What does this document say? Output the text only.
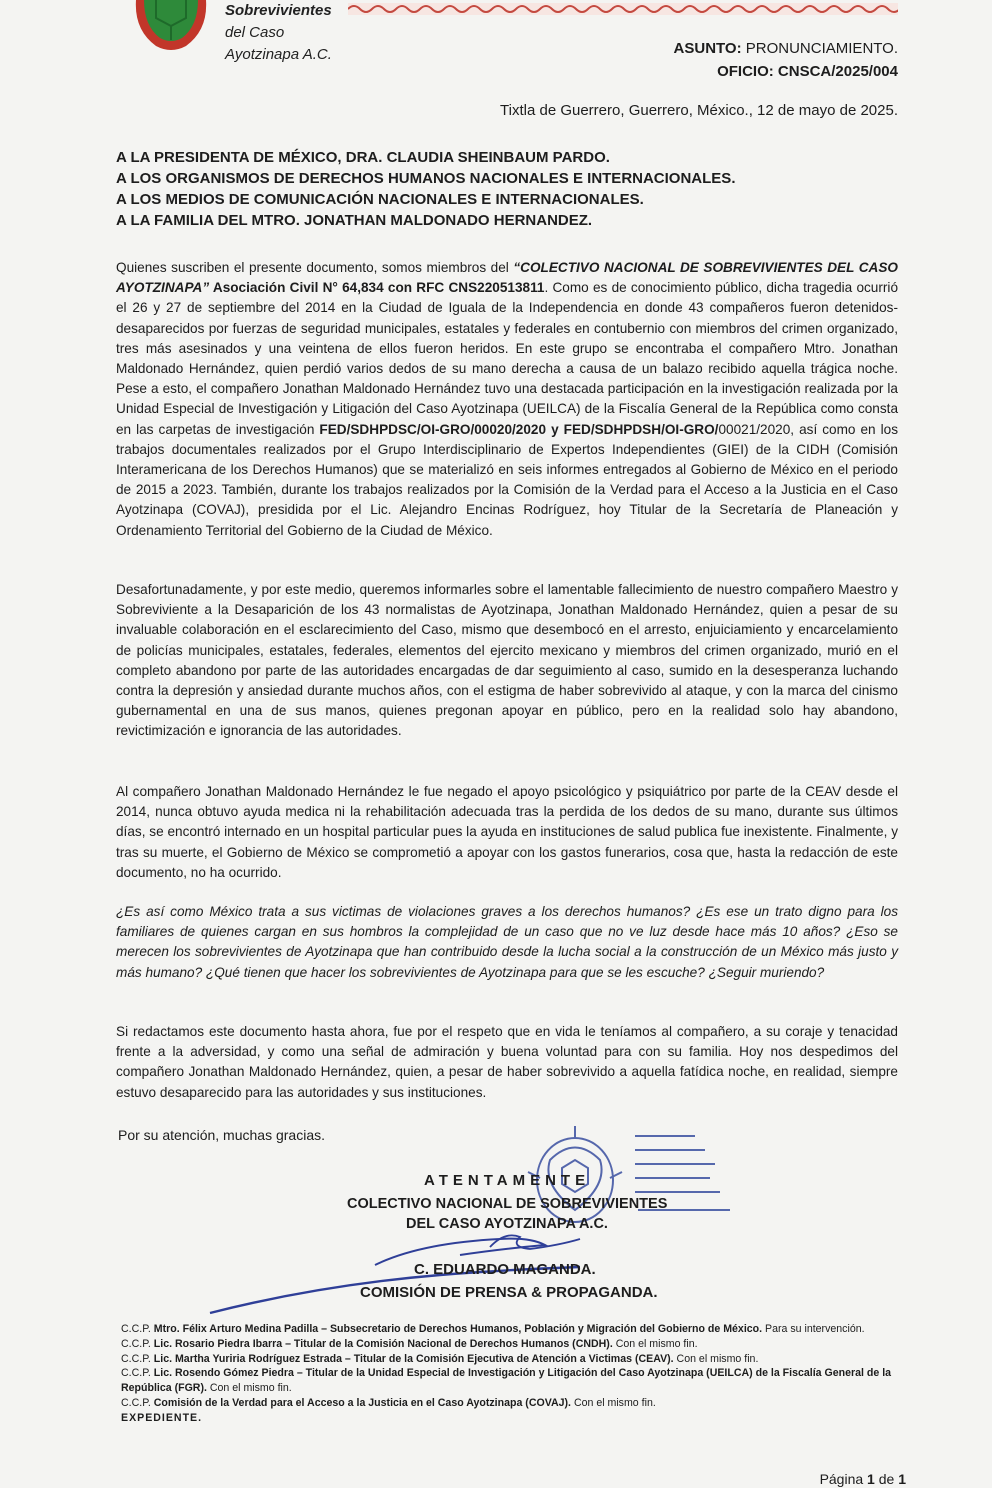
Sobrevivientes
del Caso
Ayotzinapa A.C.	ASUNTO: PRONUNCIAMIENTO.
OFICIO: CNSCA/2025/004
Tixtla de Guerrero, Guerrero, México., 12 de mayo de 2025.
A LA PRESIDENTA DE MÉXICO, DRA. CLAUDIA SHEINBAUM PARDO.
A LOS ORGANISMOS DE DERECHOS HUMANOS NACIONALES E INTERNACIONALES.
A LOS MEDIOS DE COMUNICACIÓN NACIONALES E INTERNACIONALES.
A LA FAMILIA DEL MTRO. JONATHAN MALDONADO HERNANDEZ.

Quienes suscriben el presente documento, somos miembros del “COLECTIVO NACIONAL DE SOBREVIVIENTES DEL CASO AYOTZINAPA” Asociación Civil N° 64,834 con RFC CNS220513811. Como es de conocimiento público, dicha tragedia ocurrió el 26 y 27 de septiembre del 2014 en la Ciudad de Iguala de la Independencia en donde 43 compañeros fueron detenidos-desaparecidos por fuerzas de seguridad municipales, estatales y federales en contubernio con miembros del crimen organizado, tres más asesinados y una veintena de ellos fueron heridos. En este grupo se encontraba el compañero Mtro. Jonathan Maldonado Hernández, quien perdió varios dedos de su mano derecha a causa de un balazo recibido aquella trágica noche. Pese a esto, el compañero Jonathan Maldonado Hernández tuvo una destacada participación en la investigación realizada por la Unidad Especial de Investigación y Litigación del Caso Ayotzinapa (UEILCA) de la Fiscalía General de la República como consta en las carpetas de investigación FED/SDHPDSC/OI-GRO/00020/2020 y FED/SDHPDSH/OI-GRO/00021/2020, así como en los trabajos documentales realizados por el Grupo Interdisciplinario de Expertos Independientes (GIEI) de la CIDH (Comisión Interamericana de los Derechos Humanos) que se materializó en seis informes entregados al Gobierno de México en el periodo de 2015 a 2023. También, durante los trabajos realizados por la Comisión de la Verdad para el Acceso a la Justicia en el Caso Ayotzinapa (COVAJ), presidida por el Lic. Alejandro Encinas Rodríguez, hoy Titular de la Secretaría de Planeación y Ordenamiento Territorial del Gobierno de la Ciudad de México.

Desafortunadamente, y por este medio, queremos informarles sobre el lamentable fallecimiento de nuestro compañero Maestro y Sobreviviente a la Desaparición de los 43 normalistas de Ayotzinapa, Jonathan Maldonado Hernández, quien a pesar de su invaluable colaboración en el esclarecimiento del Caso, mismo que desembocó en el arresto, enjuiciamiento y encarcelamiento de policías municipales, estatales, federales, elementos del ejercito mexicano y miembros del crimen organizado, murió en el completo abandono por parte de las autoridades encargadas de dar seguimiento al caso, sumido en la desesperanza luchando contra la depresión y ansiedad durante muchos años, con el estigma de haber sobrevivido al ataque, y con la marca del cinismo gubernamental en una de sus manos, quienes pregonan apoyar en público, pero en la realidad solo hay abandono, revictimización e ignorancia de las autoridades.

Al compañero Jonathan Maldonado Hernández le fue negado el apoyo psicológico y psiquiátrico por parte de la CEAV desde el 2014, nunca obtuvo ayuda medica ni la rehabilitación adecuada tras la perdida de los dedos de su mano, durante sus últimos días, se encontró internado en un hospital particular pues la ayuda en instituciones de salud publica fue inexistente. Finalmente, y tras su muerte, el Gobierno de México se comprometió a apoyar con los gastos funerarios, cosa que, hasta la redacción de este documento, no ha ocurrido.

¿Es así como México trata a sus victimas de violaciones graves a los derechos humanos? ¿Es ese un trato digno para los familiares de quienes cargan en sus hombros la complejidad de un caso que no ve luz desde hace más 10 años? ¿Eso se merecen los sobrevivientes de Ayotzinapa que han contribuido desde la lucha social a la construcción de un México más justo y más humano? ¿Qué tienen que hacer los sobrevivientes de Ayotzinapa para que se les escuche? ¿Seguir muriendo?

Si redactamos este documento hasta ahora, fue por el respeto que en vida le teníamos al compañero, a su coraje y tenacidad frente a la adversidad, y como una señal de admiración y buena voluntad para con su familia. Hoy nos despedimos del compañero Jonathan Maldonado Hernández, quien, a pesar de haber sobrevivido a aquella fatídica noche, en realidad, siempre estuvo desaparecido para las autoridades y sus instituciones.

Por su atención, muchas gracias.
ATENTAMENTE
COLECTIVO NACIONAL DE SOBREVIVIENTES
DEL CASO AYOTZINAPA A.C.
C. EDUARDO MAGANDA.
COMISIÓN DE PRENSA & PROPAGANDA.
C.C.P. Mtro. Félix Arturo Medina Padilla – Subsecretario de Derechos Humanos, Población y Migración del Gobierno de México. Para su intervención.
C.C.P. Lic. Rosario Piedra Ibarra – Titular de la Comisión Nacional de Derechos Humanos (CNDH). Con el mismo fin.
C.C.P. Lic. Martha Yuriria Rodríguez Estrada – Titular de la Comisión Ejecutiva de Atención a Victimas (CEAV). Con el mismo fin.
C.C.P. Lic. Rosendo Gómez Piedra – Titular de la Unidad Especial de Investigación y Litigación del Caso Ayotzinapa (UEILCA) de la Fiscalía General de la República (FGR). Con el mismo fin.
C.C.P. Comisión de la Verdad para el Acceso a la Justicia en el Caso Ayotzinapa (COVAJ). Con el mismo fin.
EXPEDIENTE.
Página 1 de 1
